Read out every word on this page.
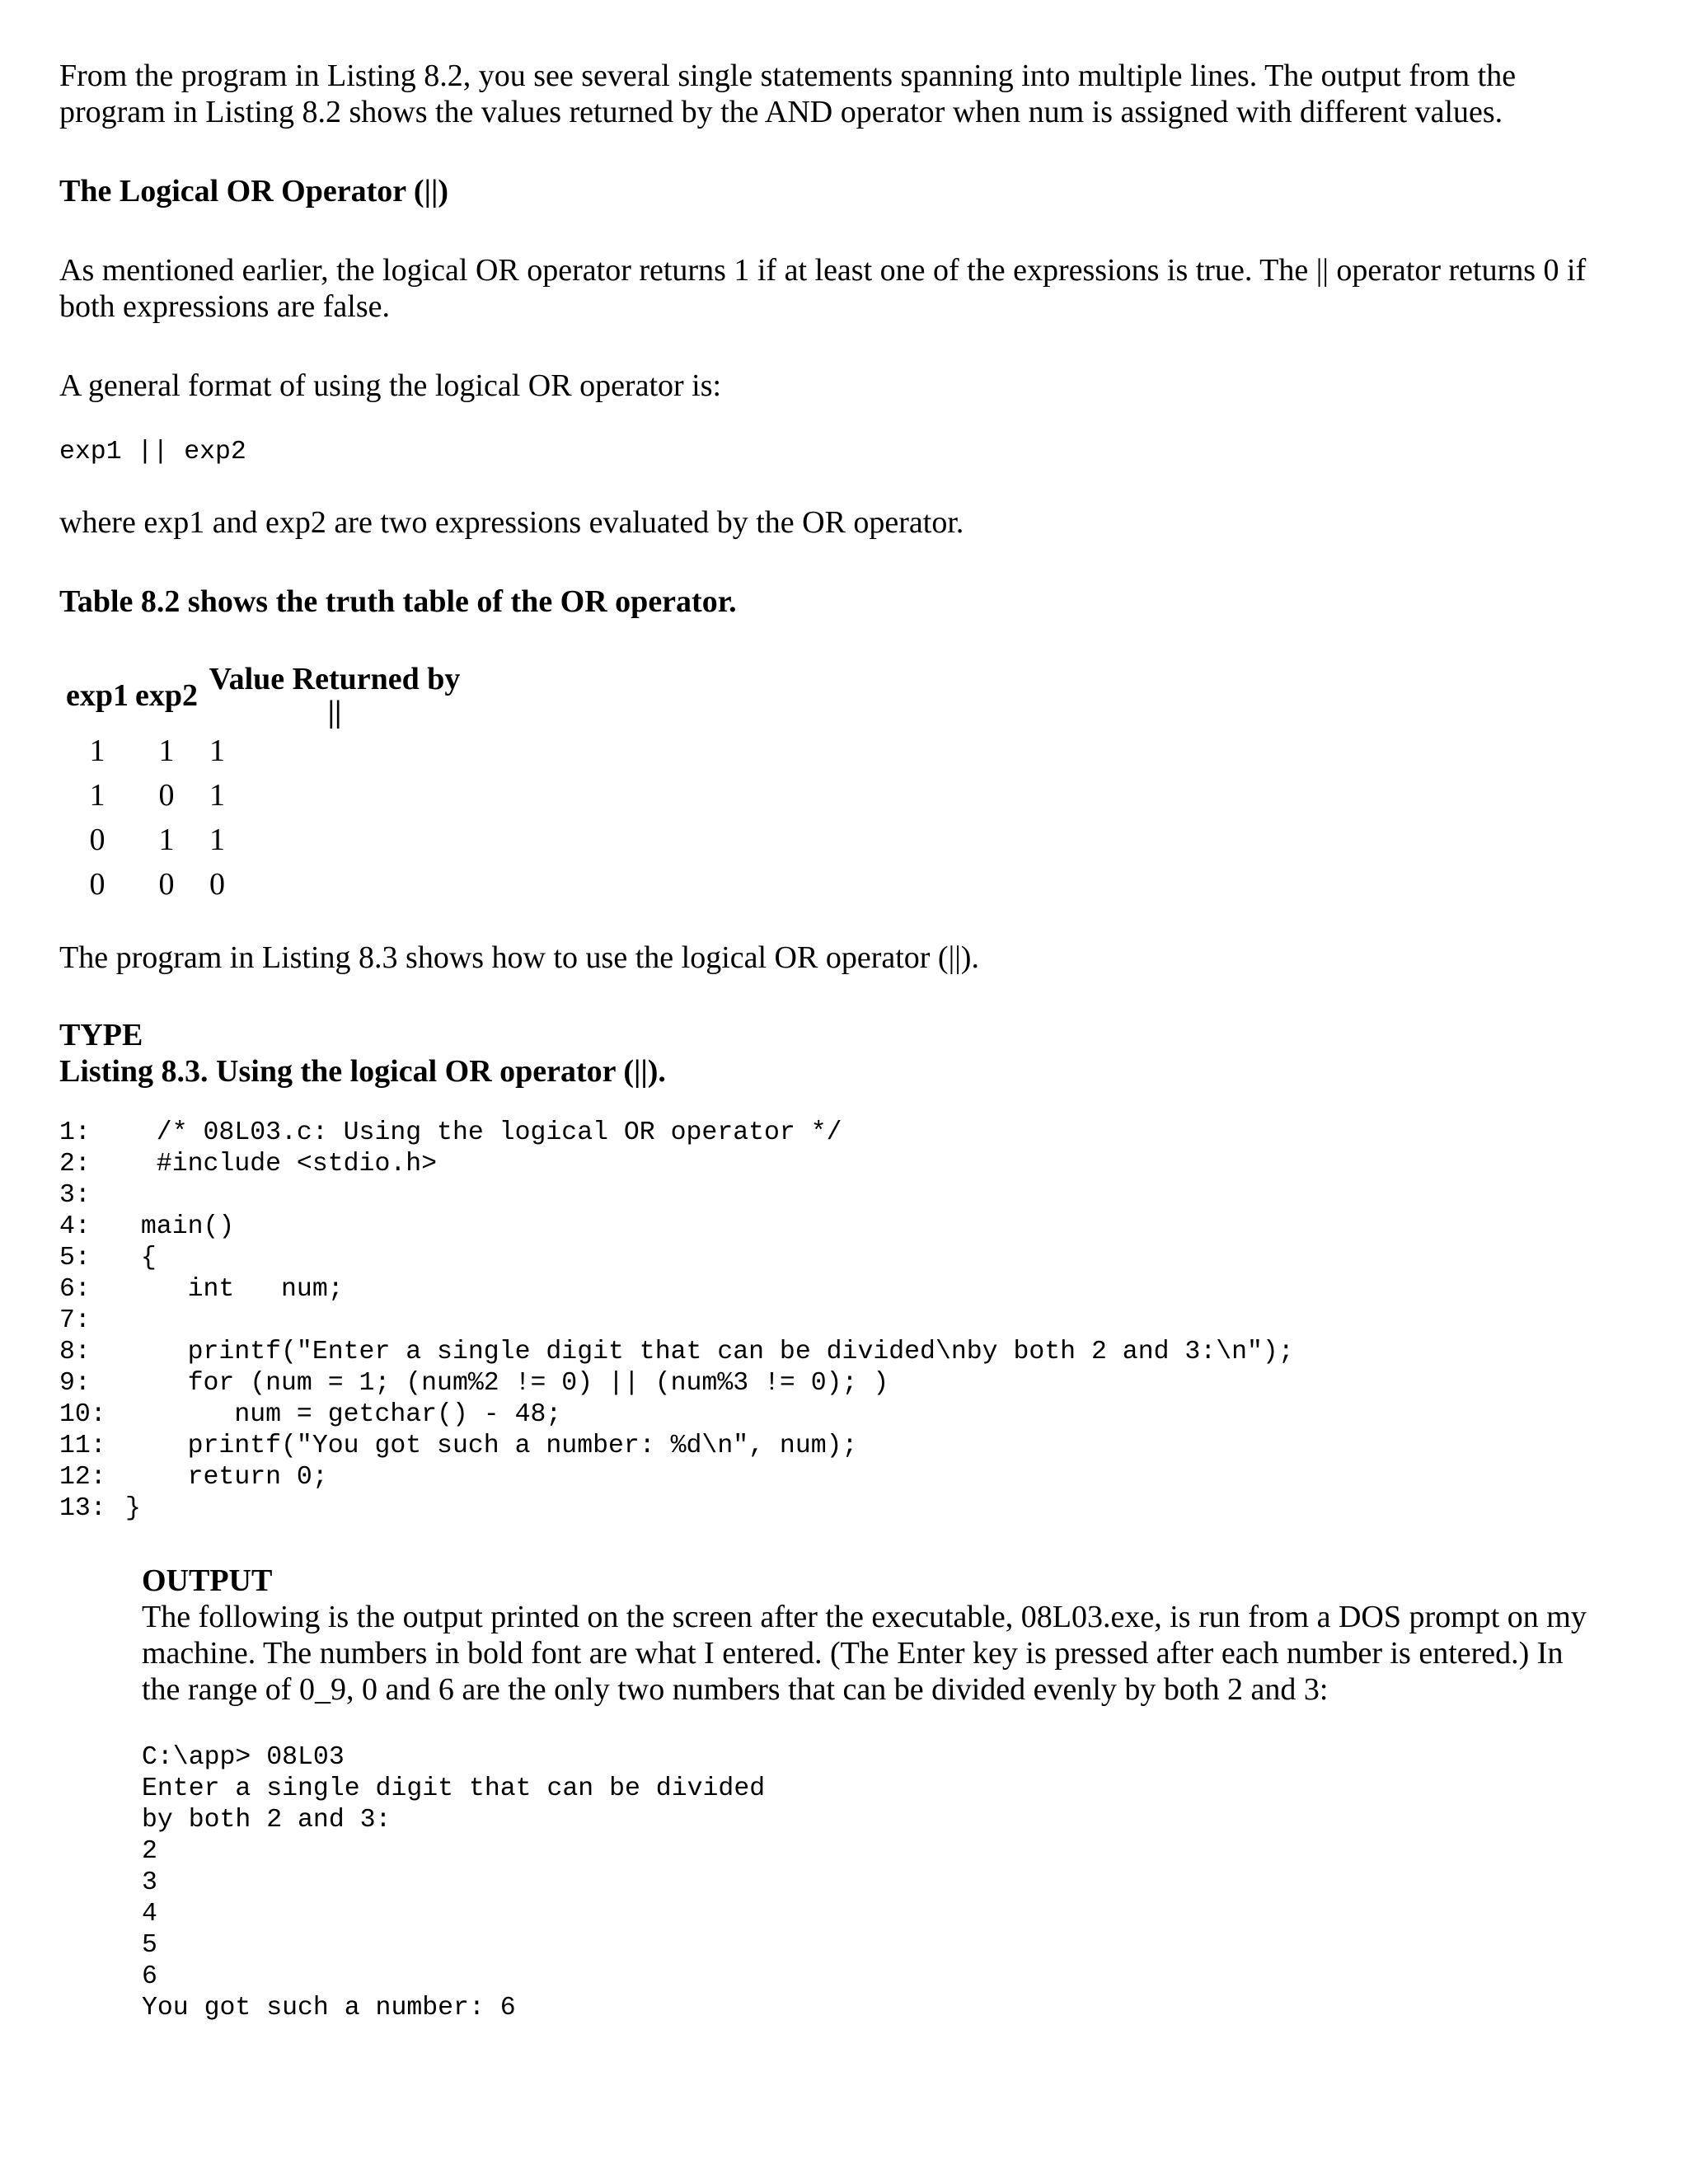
From the program in Listing 8.2, you see several single statements spanning into multiple lines. The output from the program in Listing 8.2 shows the values returned by the AND operator when num is assigned with different values.

The Logical OR Operator (||)

As mentioned earlier, the logical OR operator returns 1 if at least one of the expressions is true. The || operator returns 0 if both expressions are false.

A general format of using the logical OR operator is:

exp1 || exp2

where exp1 and exp2 are two expressions evaluated by the OR operator.

Table 8.2 shows the truth table of the OR operator.

exp1	exp2	Value Returned by ||
1	1	1
1	0	1
0	1	1
0	0	0

The program in Listing 8.3 shows how to use the logical OR operator (||).

TYPE

Listing 8.3. Using the logical OR operator (||).

1:	/* 08L03.c: Using the logical OR operator */
2:	#include <stdio.h>
3:
4:	main()
5:	{
6:	int   num;
7:
8:	printf("Enter a single digit that can be divided\nby both 2 and 3:\n");
9:	for (num = 1; (num%2 != 0) || (num%3 != 0); )
10: num = getchar() - 48;
11: printf("You got such a number: %d\n", num);
12: return 0;
13: }

OUTPUT

The following is the output printed on the screen after the executable, 08L03.exe, is run from a DOS prompt on my machine. The numbers in bold font are what I entered. (The Enter key is pressed after each number is entered.) In the range of 0_9, 0 and 6 are the only two numbers that can be divided evenly by both 2 and 3:

C:\app> 08L03

Enter a single digit that can be divided

by both 2 and 3:

2

3

4

5

6

You got such a number: 6
